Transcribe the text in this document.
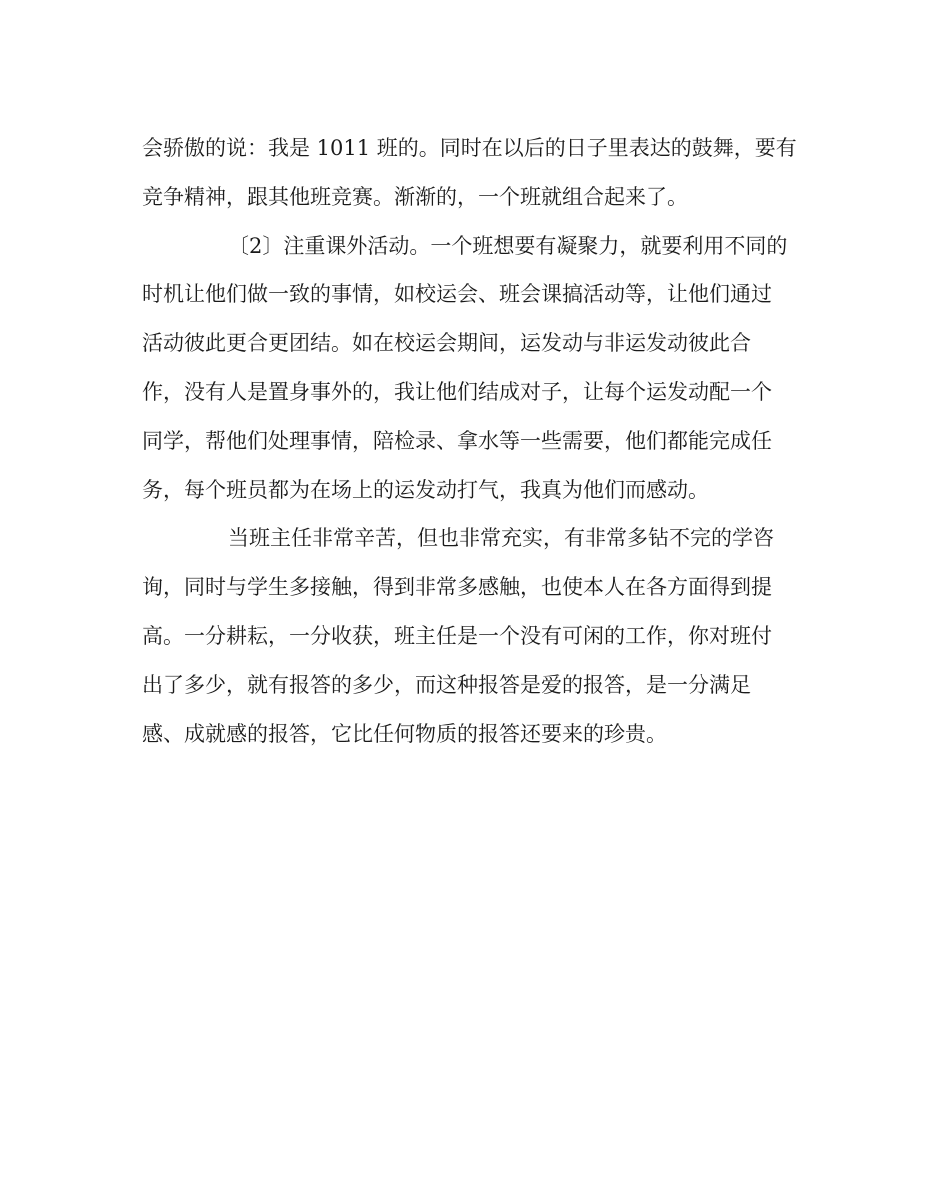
会骄傲的说：我是 1011 班的。同时在以后的日子里表达的鼓舞，要有
竞争精神，跟其他班竞赛。渐渐的，一个班就组合起来了。
〔2〕注重课外活动。一个班想要有凝聚力，就要利用不同的
时机让他们做一致的事情，如校运会、班会课搞活动等，让他们通过
活动彼此更合更团结。如在校运会期间，运发动与非运发动彼此合
作，没有人是置身事外的，我让他们结成对子，让每个运发动配一个
同学，帮他们处理事情，陪检录、拿水等一些需要，他们都能完成任
务，每个班员都为在场上的运发动打气，我真为他们而感动。
当班主任非常辛苦，但也非常充实，有非常多钻不完的学咨
询，同时与学生多接触，得到非常多感触，也使本人在各方面得到提
高。一分耕耘，一分收获，班主任是一个没有可闲的工作，你对班付
出了多少，就有报答的多少，而这种报答是爱的报答，是一分满足
感、成就感的报答，它比任何物质的报答还要来的珍贵。
